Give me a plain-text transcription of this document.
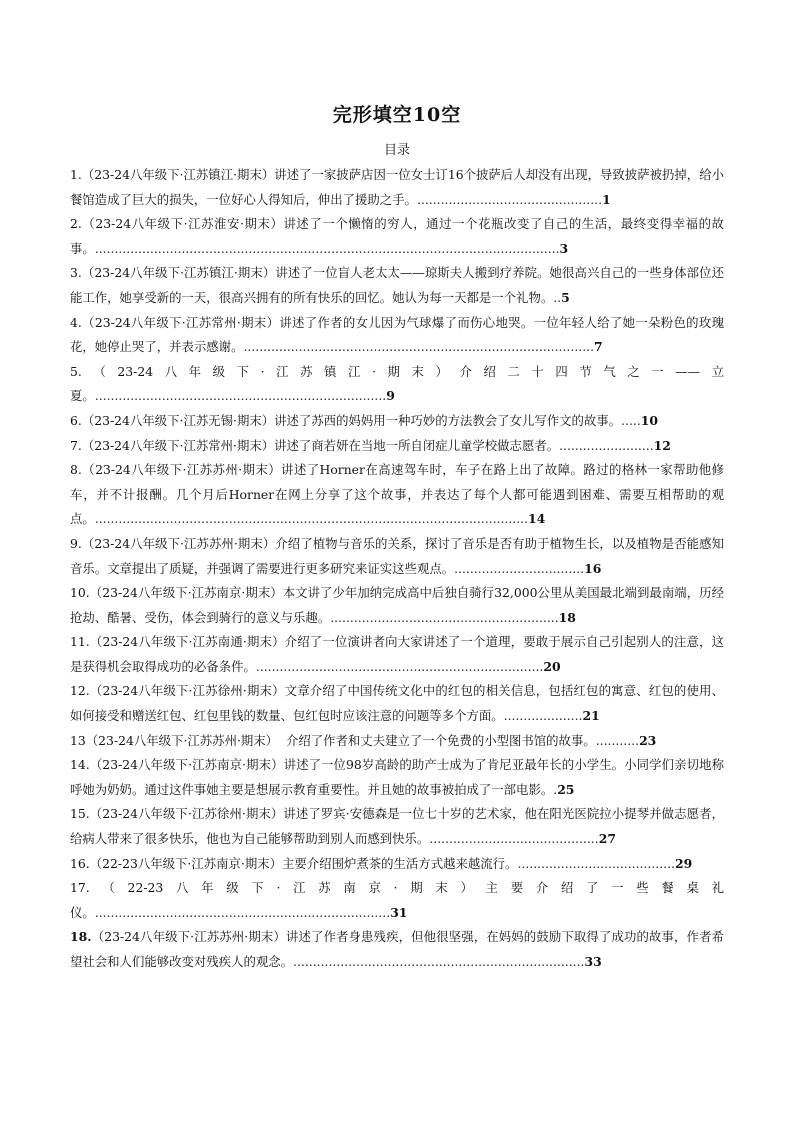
完形填空10空
目录
1.（23-24八年级下·江苏镇江·期末）讲述了一家披萨店因一位女士订16个披萨后人却没有出现，导致披萨被扔掉，给小餐馆造成了巨大的损失，一位好心人得知后，伸出了援助之手。...............................................1
2.（23-24八年级下·江苏淮安·期末）讲述了一个懒惰的穷人，通过一个花瓶改变了自己的生活，最终变得幸福的故事。......................................................................................................................3
3.（23-24八年级下·江苏镇江·期末）讲述了一位盲人老太太——琼斯夫人搬到疗养院。她很高兴自己的一些身体部位还能工作，她享受新的一天，很高兴拥有的所有快乐的回忆。她认为每一天都是一个礼物。..5
4.（23-24八年级下·江苏常州·期末）讲述了作者的女儿因为气球爆了而伤心地哭。一位年轻人给了她一朵粉色的玫瑰花，她停止哭了，并表示感谢。.........................................................................................7
5.（23-24八年级下·江苏镇江·期末）介绍二十四节气之一——立夏。..........................................................................9
6.（23-24八年级下·江苏无锡·期末）讲述了苏西的妈妈用一种巧妙的方法教会了女儿写作文的故事。.....10
7.（23-24八年级下·江苏常州·期末）讲述了商若妍在当地一所自闭症儿童学校做志愿者。........................12
8.（23-24八年级下·江苏苏州·期末）讲述了Horner在高速驾车时，车子在路上出了故障。路过的格林一家帮助他修车，并不计报酬。几个月后Horner在网上分享了这个故事，并表达了每个人都可能遇到困难、需要互相帮助的观点。..............................................................................................................14
9.（23-24八年级下·江苏苏州·期末）介绍了植物与音乐的关系，探讨了音乐是否有助于植物生长，以及植物是否能感知音乐。文章提出了质疑，并强调了需要进行更多研究来证实这些观点。.................................16
10.（23-24八年级下·江苏南京·期末）本文讲了少年加纳完成高中后独自骑行32,000公里从美国最北端到最南端，历经抢劫、酷暑、受伤，体会到骑行的意义与乐趣。..........................................................18
11.（23-24八年级下·江苏南通·期末）介绍了一位演讲者向大家讲述了一个道理，要敢于展示自己引起别人的注意，这是获得机会取得成功的必备条件。.........................................................................20
12.（23-24八年级下·江苏徐州·期末）文章介绍了中国传统文化中的红包的相关信息，包括红包的寓意、红包的使用、如何接受和赠送红包、红包里钱的数量、包红包时应该注意的问题等多个方面。....................21
13（23-24八年级下·江苏苏州·期末）  介绍了作者和丈夫建立了一个免费的小型图书馆的故事。...........23
14.（23-24八年级下·江苏南京·期末）讲述了一位98岁高龄的助产士成为了肯尼亚最年长的小学生。小同学们亲切地称呼她为奶奶。通过这件事她主要是想展示教育重要性。并且她的故事被拍成了一部电影。.25
15.（23-24八年级下·江苏徐州·期末）讲述了罗宾·安德森是一位七十岁的艺术家，他在阳光医院拉小提琴并做志愿者，给病人带来了很多快乐，他也为自己能够帮助到别人而感到快乐。...........................................27
16.（22-23八年级下·江苏南京·期末）主要介绍围炉煮茶的生活方式越来越流行。........................................29
17.（22-23八年级下·江苏南京·期末）主要介绍了一些餐桌礼仪。...........................................................................31
18.（23-24八年级下·江苏苏州·期末）讲述了作者身患残疾，但他很坚强，在妈妈的鼓励下取得了成功的故事，作者希望社会和人们能够改变对残疾人的观念。..........................................................................33
